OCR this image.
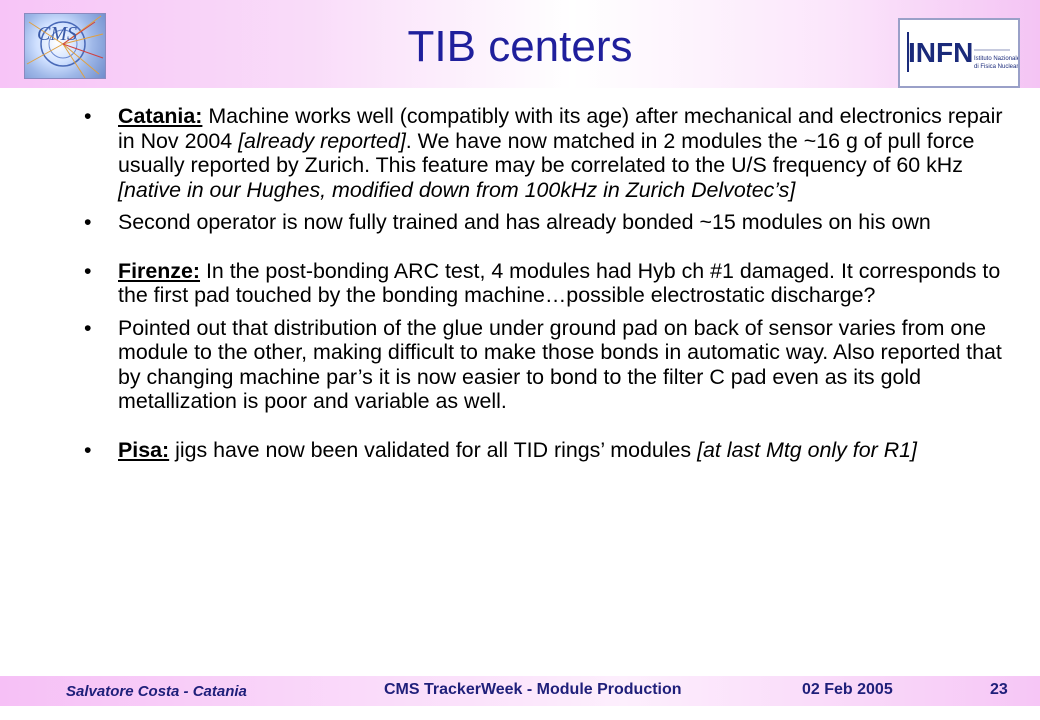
CMS	TIB centers	INFN Istituto Nazionale
di Fisica Nucleare
• Catania: Machine works well (compatibly with its age) after mechanical and electronics repair in Nov 2004 [already reported]. We have now matched in 2 modules the ~16 g of pull force usually reported by Zurich. This feature may be correlated to the U/S frequency of 60 kHz [native in our Hughes, modified down from 100kHz in Zurich Delvotec’s]
• Second operator is now fully trained and has already bonded ~15 modules on his own
• Firenze: In the post-bonding ARC test, 4 modules had Hyb ch #1 damaged. It corresponds to the first pad touched by the bonding machine…possible electrostatic discharge?
• Pointed out that distribution of the glue under ground pad on back of sensor varies from one module to the other, making difficult to make those bonds in automatic way. Also reported that by changing machine par’s it is now easier to bond to the filter C pad even as its gold metallization is poor and variable as well.
• Pisa: jigs have now been validated for all TID rings’ modules [at last Mtg only for R1]
Salvatore Costa - Catania	CMS TrackerWeek - Module Production	02 Feb 2005	23
